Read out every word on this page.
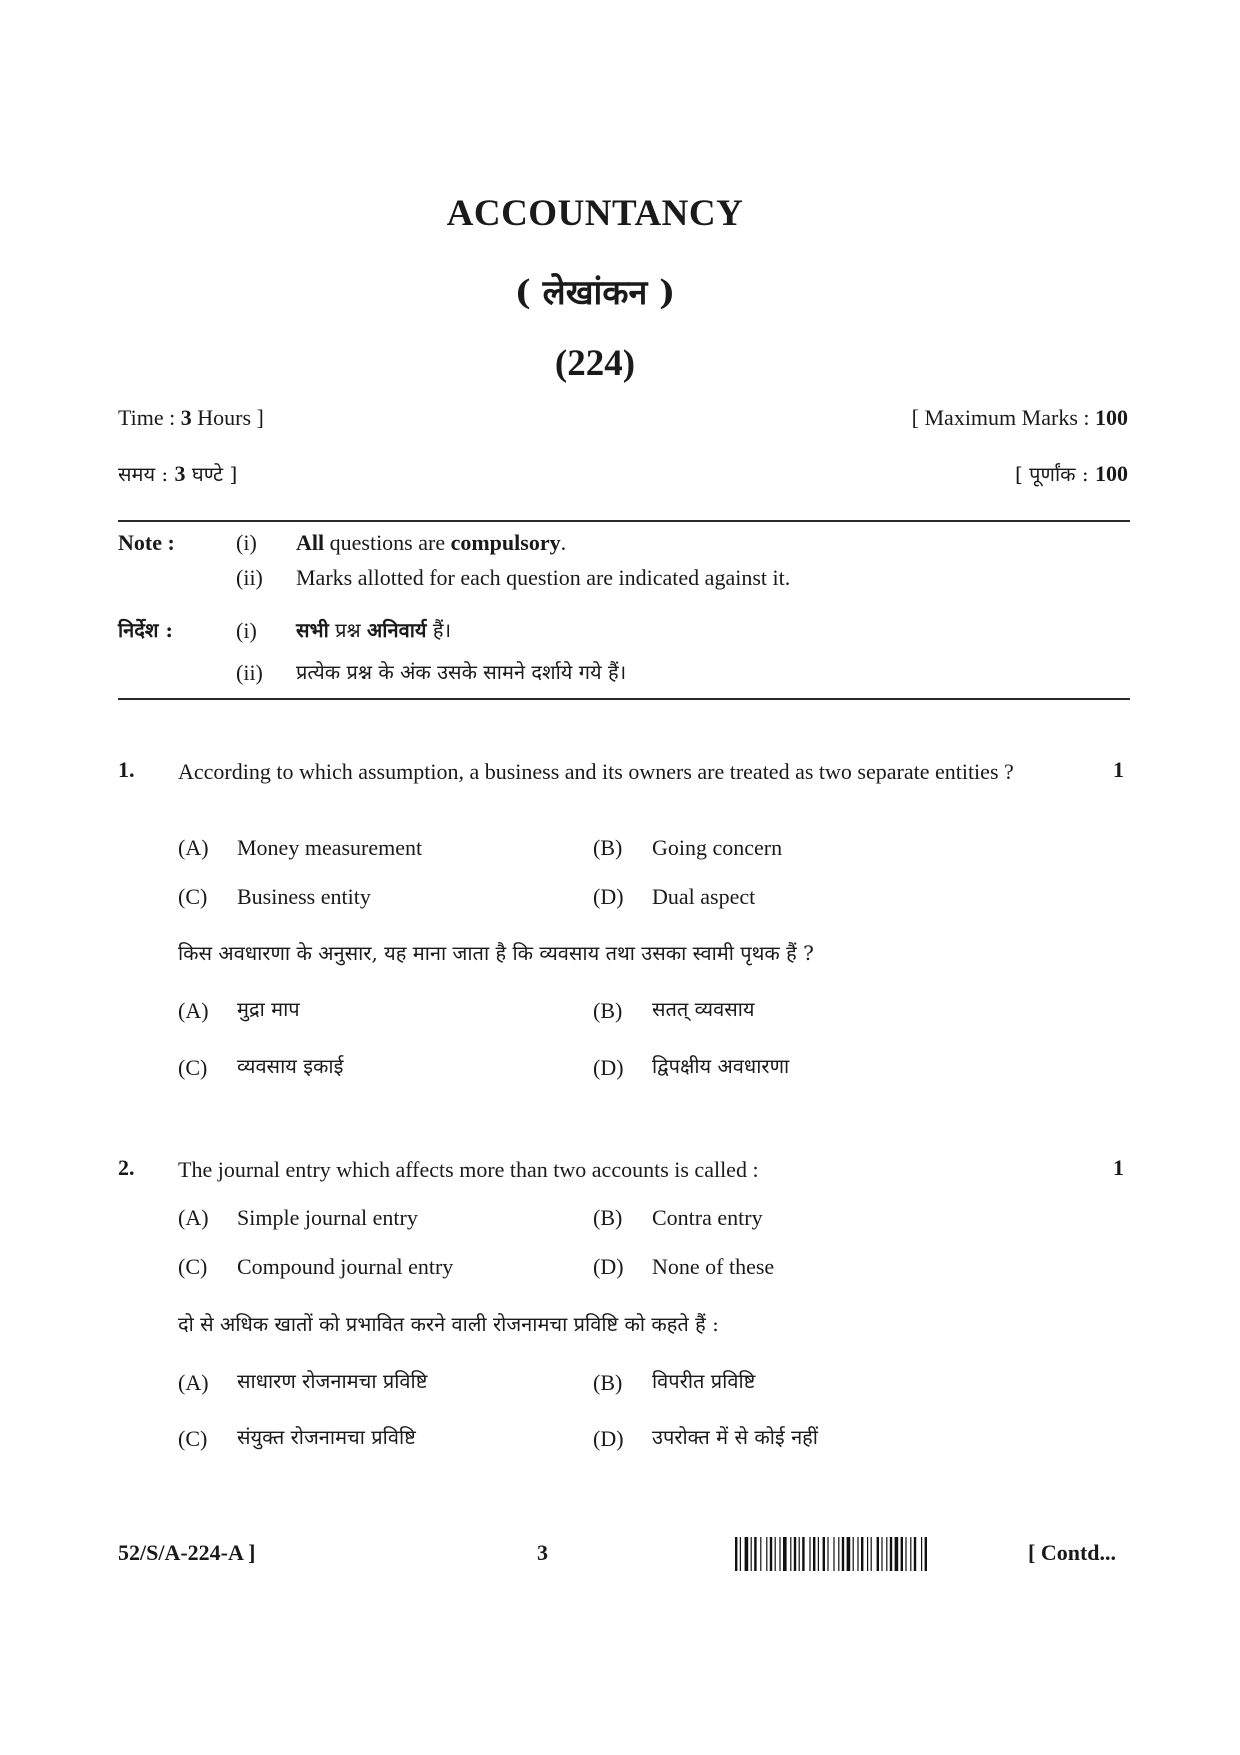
ACCOUNTANCY
( लेखांकन )
(224)
Time : 3 Hours ]	[ Maximum Marks : 100
समय : 3 घण्टे ]	[ पूर्णांक : 100
Note :	(i) All questions are compulsory.
(ii) Marks allotted for each question are indicated against it.
निर्देश :	(i) सभी प्रश्न अनिवार्य हैं।
(ii) प्रत्येक प्रश्न के अंक उसके सामने दर्शाये गये हैं।
1. According to which assumption, a business and its owners are treated as two separate entities ?	1
(A) Money measurement	(B) Going concern
(C) Business entity	(D) Dual aspect
किस अवधारणा के अनुसार, यह माना जाता है कि व्यवसाय तथा उसका स्वामी पृथक हैं ?
(A) मुद्रा माप	(B) सतत् व्यवसाय
(C) व्यवसाय इकाई	(D) द्विपक्षीय अवधारणा
2. The journal entry which affects more than two accounts is called :	1
(A) Simple journal entry	(B) Contra entry
(C) Compound journal entry	(D) None of these
दो से अधिक खातों को प्रभावित करने वाली रोजनामचा प्रविष्टि को कहते हैं :
(A) साधारण रोजनामचा प्रविष्टि	(B) विपरीत प्रविष्टि
(C) संयुक्त रोजनामचा प्रविष्टि	(D) उपरोक्त में से कोई नहीं
52/S/A-224-A ]	3	[ Contd...
